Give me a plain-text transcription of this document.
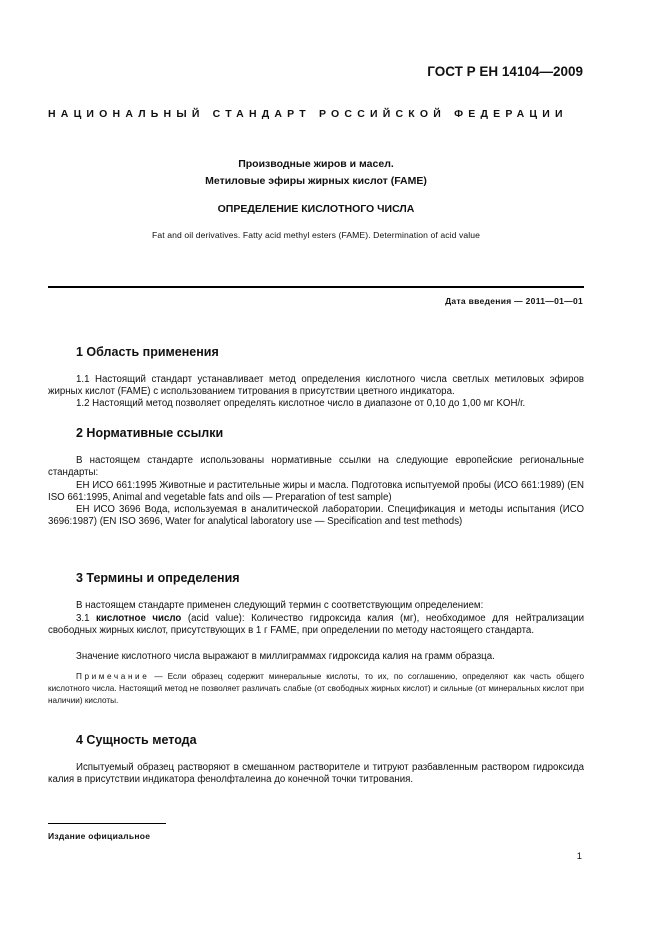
ГОСТ Р ЕН 14104—2009
НАЦИОНАЛЬНЫЙ СТАНДАРТ РОССИЙСКОЙ ФЕДЕРАЦИИ
Производные жиров и масел.
Метиловые эфиры жирных кислот (FAME)
ОПРЕДЕЛЕНИЕ КИСЛОТНОГО ЧИСЛА
Fat and oil derivatives. Fatty acid methyl esters (FAME). Determination of acid value
Дата введения — 2011—01—01
1 Область применения
1.1 Настоящий стандарт устанавливает метод определения кислотного числа светлых метиловых эфиров жирных кислот (FAME) с использованием титрования в присутствии цветного индикатора.
1.2 Настоящий метод позволяет определять кислотное число в диапазоне от 0,10 до 1,00 мг KOH/г.
2 Нормативные ссылки
В настоящем стандарте использованы нормативные ссылки на следующие европейские региональные стандарты:
ЕН ИСО 661:1995 Животные и растительные жиры и масла. Подготовка испытуемой пробы (ИСО 661:1989) (EN ISO 661:1995, Animal and vegetable fats and oils — Preparation of test sample)
ЕН ИСО 3696 Вода, используемая в аналитической лаборатории. Спецификация и методы испытания (ИСО 3696:1987) (EN ISO 3696, Water for analytical laboratory use — Specification and test methods)
3 Термины и определения
В настоящем стандарте применен следующий термин с соответствующим определением:
3.1 кислотное число (acid value): Количество гидроксида калия (мг), необходимое для нейтрализации свободных жирных кислот, присутствующих в 1 г FAME, при определении по методу настоящего стандарта.
Значение кислотного числа выражают в миллиграммах гидроксида калия на грамм образца.
Примечание — Если образец содержит минеральные кислоты, то их, по соглашению, определяют как часть общего кислотного числа. Настоящий метод не позволяет различать слабые (от свободных жирных кислот) и сильные (от минеральных кислот при наличии) кислоты.
4 Сущность метода
Испытуемый образец растворяют в смешанном растворителе и титруют разбавленным раствором гидроксида калия в присутствии индикатора фенолфталеина до конечной точки титрования.
Издание официальное
1
